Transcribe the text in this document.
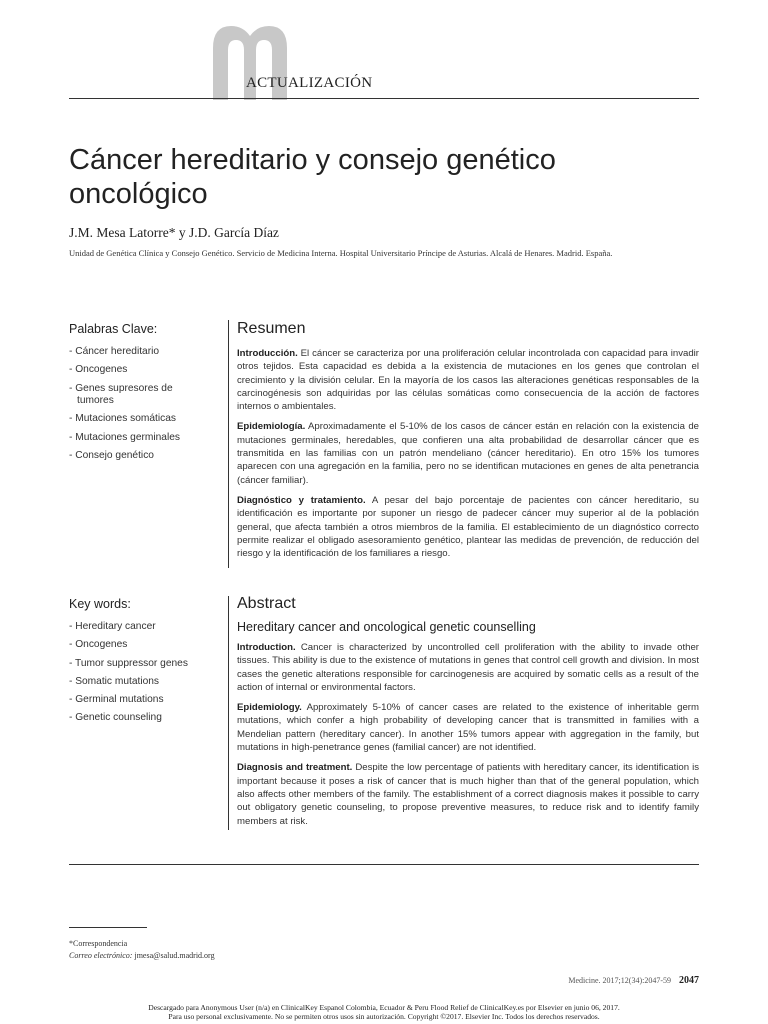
ACTUALIZACIÓN
Cáncer hereditario y consejo genético oncológico
J.M. Mesa Latorre* y J.D. García Díaz
Unidad de Genética Clínica y Consejo Genético. Servicio de Medicina Interna. Hospital Universitario Príncipe de Asturias. Alcalá de Henares. Madrid. España.
Palabras Clave:
- Cáncer hereditario
- Oncogenes
- Genes supresores de tumores
- Mutaciones somáticas
- Mutaciones germinales
- Consejo genético
Key words:
- Hereditary cancer
- Oncogenes
- Tumor suppressor genes
- Somatic mutations
- Germinal mutations
- Genetic counseling
Resumen

Introducción. El cáncer se caracteriza por una proliferación celular incontrolada con capacidad para invadir otros tejidos. Esta capacidad es debida a la existencia de mutaciones en los genes que controlan el crecimiento y la división celular. En la mayoría de los casos las alteraciones genéticas responsables de la carcinogénesis son adquiridas por las células somáticas como consecuencia de la acción de factores internos o ambientales.

Epidemiología. Aproximadamente el 5-10% de los casos de cáncer están en relación con la existencia de mutaciones germinales, heredables, que confieren una alta probabilidad de desarrollar cáncer que es transmitida en las familias con un patrón mendeliano (cáncer hereditario). En otro 15% los tumores aparecen con una agregación en la familia, pero no se identifican mutaciones en genes de alta penetrancia (cáncer familiar).

Diagnóstico y tratamiento. A pesar del bajo porcentaje de pacientes con cáncer hereditario, su identificación es importante por suponer un riesgo de padecer cáncer muy superior al de la población general, que afecta también a otros miembros de la familia. El establecimiento de un diagnóstico correcto permite realizar el obligado asesoramiento genético, plantear las medidas de prevención, de reducción del riesgo y la identificación de los familiares a riesgo.

Abstract
Hereditary cancer and oncological genetic counselling

Introduction. Cancer is characterized by uncontrolled cell proliferation with the ability to invade other tissues. This ability is due to the existence of mutations in genes that control cell growth and division. In most cases the genetic alterations responsible for carcinogenesis are acquired by somatic cells as a result of the action of internal or environmental factors.

Epidemiology. Approximately 5-10% of cancer cases are related to the existence of inheritable germ mutations, which confer a high probability of developing cancer that is transmitted in families with a Mendelian pattern (hereditary cancer). In another 15% tumors appear with aggregation in the family, but mutations in high-penetrance genes (familial cancer) are not identified.

Diagnosis and treatment. Despite the low percentage of patients with hereditary cancer, its identification is important because it poses a risk of cancer that is much higher than that of the general population, which also affects other members of the family. The establishment of a correct diagnosis makes it possible to carry out obligatory genetic counseling, to propose preventive measures, to reduce risk and to identify family members at risk.

*Correspondencia
Correo electrónico: jmesa@salud.madrid.org
Medicine. 2017;12(34):2047-59 2047
Descargado para Anonymous User (n/a) en ClinicalKey Espanol Colombia, Ecuador & Peru Flood Relief de ClinicalKey.es por Elsevier en junio 06, 2017.
Para uso personal exclusivamente. No se permiten otros usos sin autorización. Copyright ©2017. Elsevier Inc. Todos los derechos reservados.
